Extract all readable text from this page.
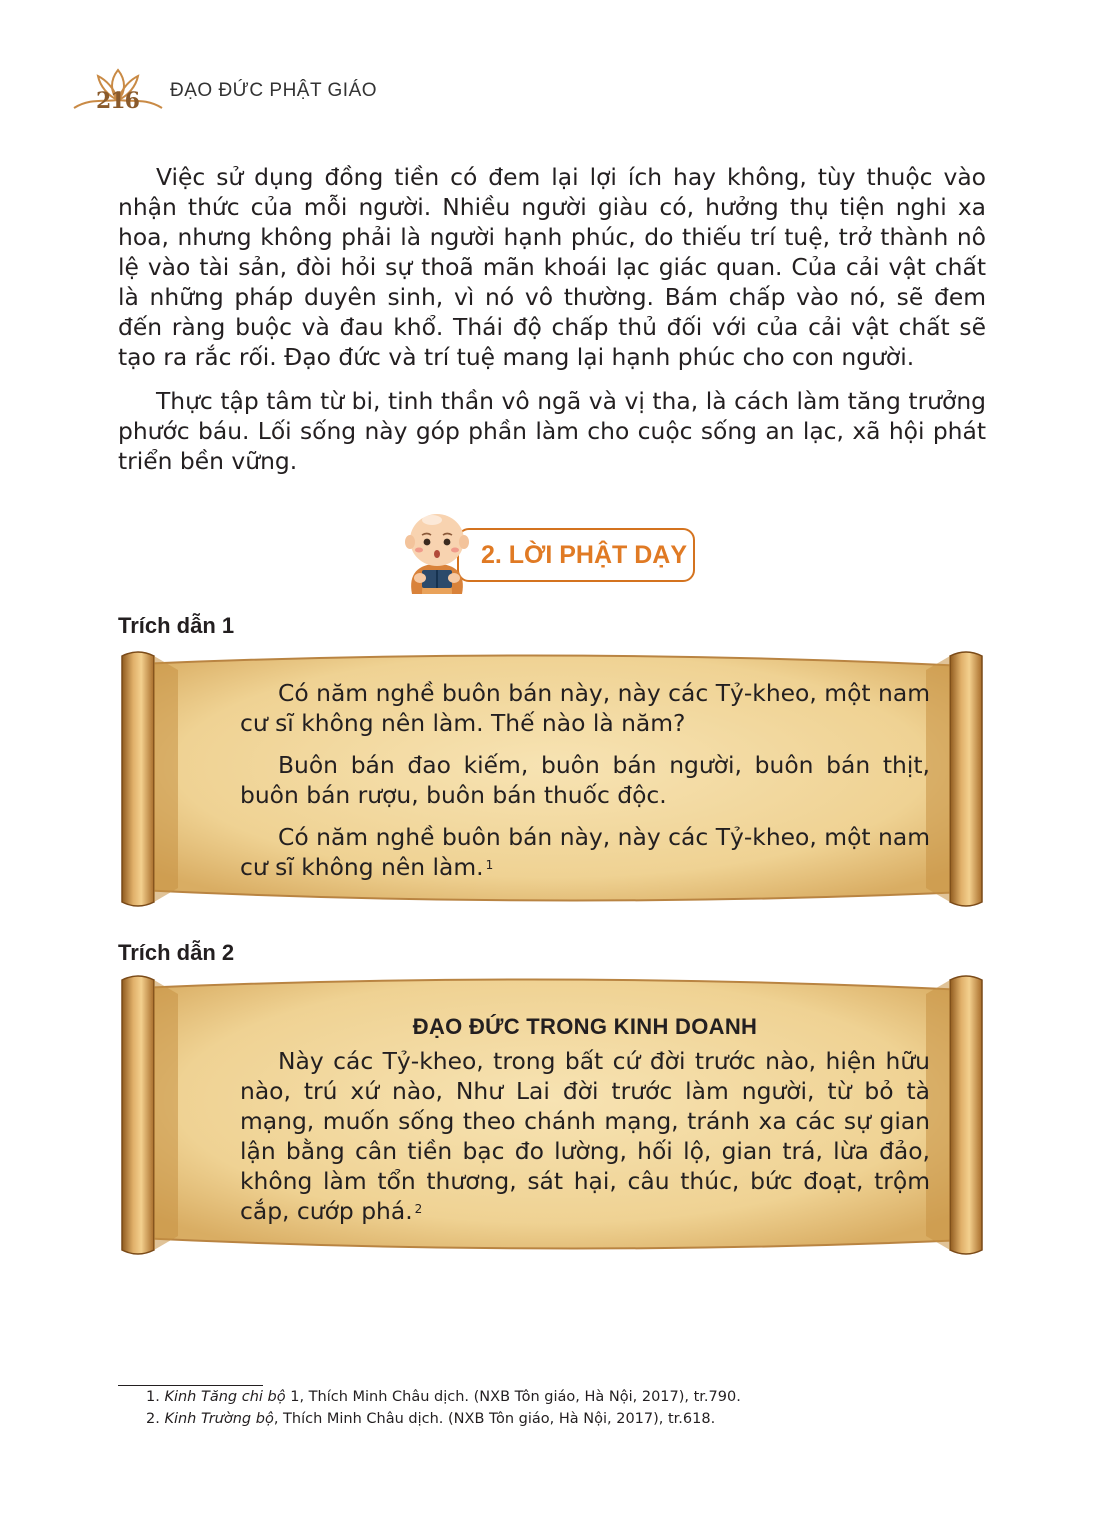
216 ĐẠO ĐỨC PHẬT GIÁO

Việc sử dụng đồng tiền có đem lại lợi ích hay không, tùy thuộc vào nhận thức của mỗi người. Nhiều người giàu có, hưởng thụ tiện nghi xa hoa, nhưng không phải là người hạnh phúc, do thiếu trí tuệ, trở thành nô lệ vào tài sản, đòi hỏi sự thoã mãn khoái lạc giác quan. Của cải vật chất là những pháp duyên sinh, vì nó vô thường. Bám chấp vào nó, sẽ đem đến ràng buộc và đau khổ. Thái độ chấp thủ đối với của cải vật chất sẽ tạo ra rắc rối. Đạo đức và trí tuệ mang lại hạnh phúc cho con người.

Thực tập tâm từ bi, tinh thần vô ngã và vị tha, là cách làm tăng trưởng phước báu. Lối sống này góp phần làm cho cuộc sống an lạc, xã hội phát triển bền vững.

2. LỜI PHẬT DẠY
Trích dẫn 1

Có năm nghề buôn bán này, này các Tỷ-kheo, một nam cư sĩ không nên làm. Thế nào là năm?

Buôn bán đao kiếm, buôn bán người, buôn bán thịt, buôn bán rượu, buôn bán thuốc độc.

Có năm nghề buôn bán này, này các Tỷ-kheo, một nam cư sĩ không nên làm. $^1$

Trích dẫn 2

ĐẠO ĐỨC TRONG KINH DOANH

Này các Tỷ-kheo, trong bất cứ đời trước nào, hiện hữu nào, trú xứ nào, Như Lai đời trước làm người, từ bỏ tà mạng, muốn sống theo chánh mạng, tránh xa các sự gian lận bằng cân tiền bạc đo lường, hối lộ, gian trá, lừa đảo, không làm tổn thương, sát hại, câu thúc, bức đoạt, trộm cắp, cướp phá. $^2$

1. Kinh Tăng chi bộ 1, Thích Minh Châu dịch. (NXB Tôn giáo, Hà Nội, 2017), tr.790.
2. Kinh Trường bộ, Thích Minh Châu dịch. (NXB Tôn giáo, Hà Nội, 2017), tr.618.
